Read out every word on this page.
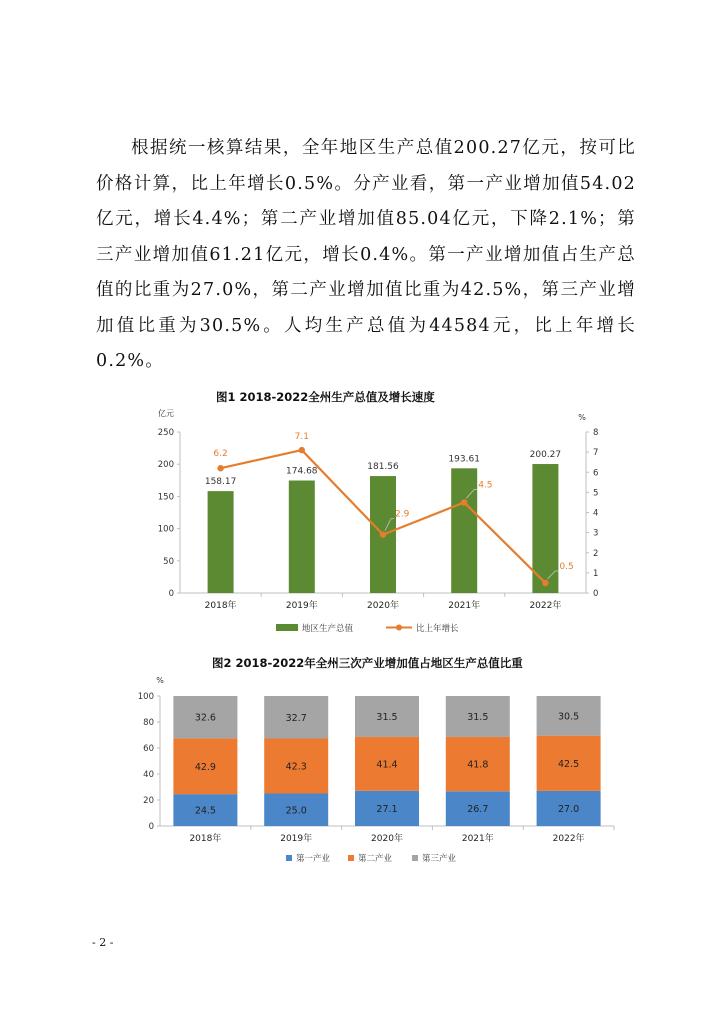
根据统一核算结果，全年地区生产总值200.27亿元，按可比价格计算，比上年增长0.5%。分产业看，第一产业增加值54.02亿元，增长4.4%；第二产业增加值85.04亿元，下降2.1%；第三产业增加值61.21亿元，增长0.4%。第一产业增加值占生产总值的比重为27.0%，第二产业增加值比重为42.5%，第三产业增加值比重为30.5%。人均生产总值为44584元，比上年增长0.2%。

图1 2018-2022全州生产总值及增长速度
亿元	%
0
50
100
150
200
250
0
1
2
3
4
5
6
7
8
158.17
2018年
174.68
2019年
181.56
2020年
193.61
2021年
200.27
2022年
6.2
7.1
2.9
4.5
0.5
地区生产总值	比上年增长
图2 2018-2022年全州三次产业增加值占地区生产总值比重
%
0
20
40
60
80
100
24.5
42.9
32.6
2018年
25.0
42.3
32.7
2019年
27.1
41.4
31.5
2020年
26.7
41.8
31.5
2021年
27.0
42.5
30.5
2022年
第一产业	第二产业	第三产业
- 2 -
